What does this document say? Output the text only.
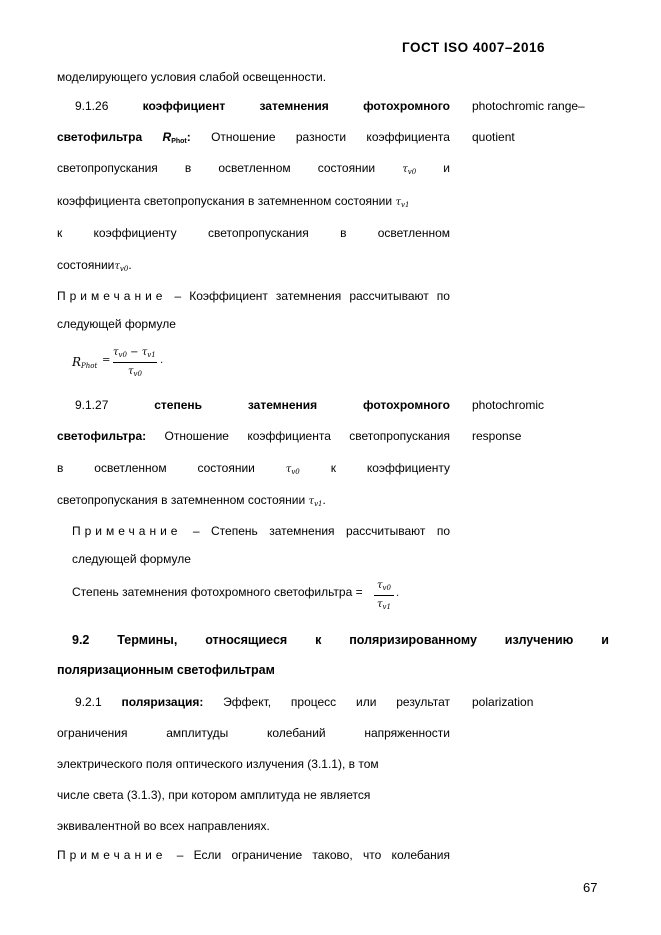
ГОСТ ISO 4007–2016
моделирующего условия слабой освещенности.
9.1.26	коэффициент	затемнения	фотохромного photochromic range–
светофильтра $R_{Phot}$: Отношение разности коэффициента quotient
светопропускания в осветленном состоянии	$\tau_{v0}$ и
коэффициента светопропускания в затемненном состоянии $\tau_{v1}$
к	коэффициенту	светопропускания	в	осветленном
состоянииτ$_{v0}$.
Примечание – Коэффициент затемнения рассчитывают по
следующей формуле
$R_{Phot}$ =
$\tau_{v0} - \tau_{v1}$
$\tau_{v0}$
.
9.1.27	степень	затемнения	фотохромного photochromic
светофильтра: Отношение коэффициента светопропускания response
в	осветленном	состоянии	$\tau_{v0}$	к	коэффициенту
светопропускания в затемненном состоянии $\tau_{v1}$.
Примечание – Степень затемнения рассчитывают по
следующей формуле
Степень затемнения фотохромного светофильтра =	$\tau_{v0}$
$\tau_{v1}$
.
9.2 Термины, относящиеся к поляризированному излучению и
поляризационным светофильтрам
9.2.1 поляризация: Эффект, процесс или результат polarization
ограничения	амплитуды	колебаний	напряженности
электрического поля оптического излучения (3.1.1), в том
числе света (3.1.3), при котором амплитуда не является
эквивалентной во всех направлениях.
Примечание – Если ограничение таково, что колебания
67
